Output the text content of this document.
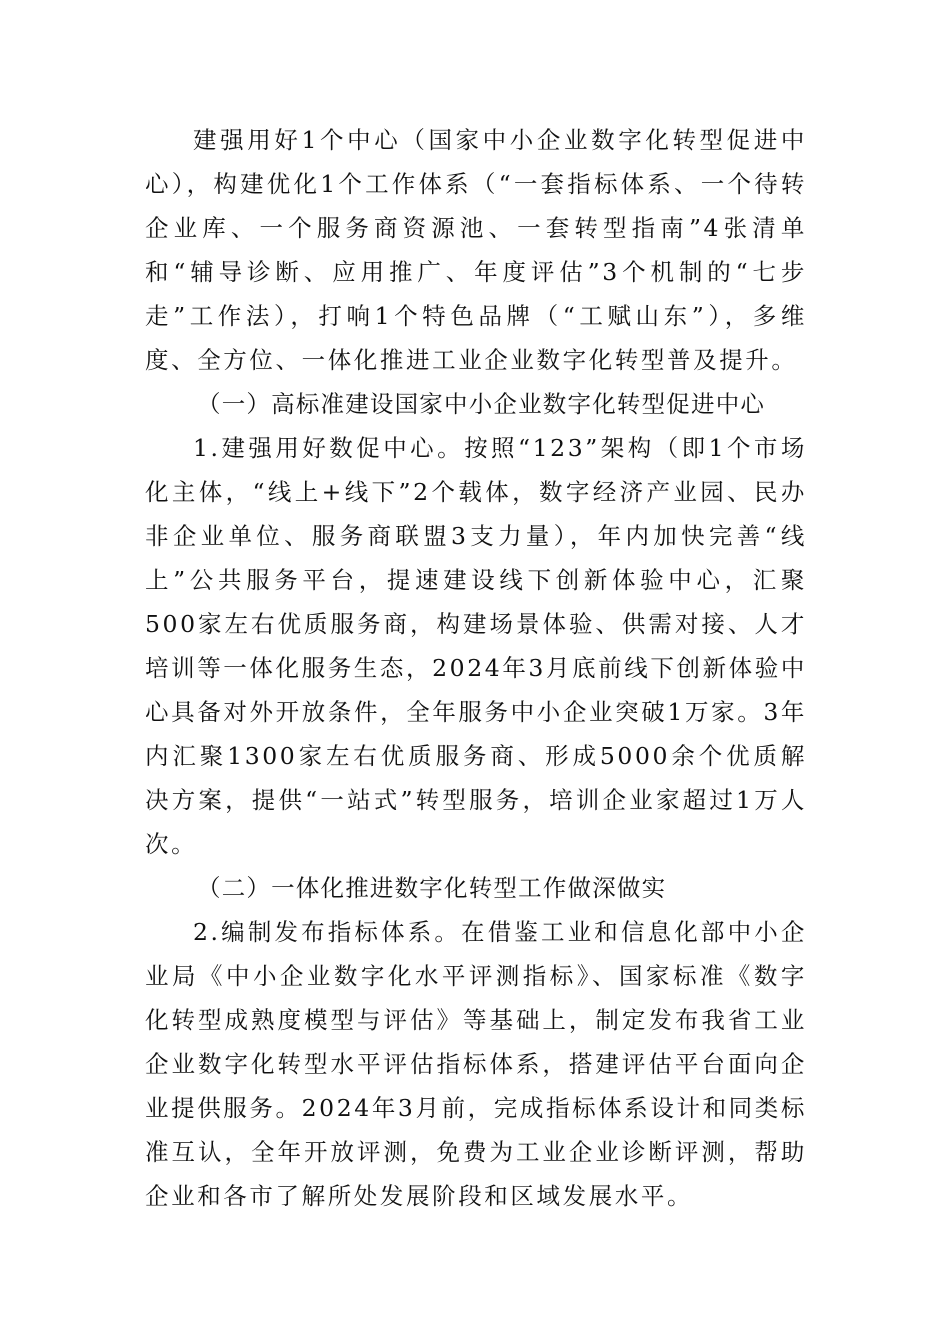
建强用好1个中心（国家中小企业数字化转型促进中心），构建优化1个工作体系（“一套指标体系、一个待转企业库、一个服务商资源池、一套转型指南”4张清单和“辅导诊断、应用推广、年度评估”3个机制的“七步走”工作法），打响1个特色品牌（“工赋山东”），多维度、全方位、一体化推进工业企业数字化转型普及提升。

（一）高标准建设国家中小企业数字化转型促进中心

1.建强用好数促中心。按照“123”架构（即1个市场化主体，“线上+线下”2个载体，数字经济产业园、民办非企业单位、服务商联盟3支力量），年内加快完善“线上”公共服务平台，提速建设线下创新体验中心，汇聚500家左右优质服务商，构建场景体验、供需对接、人才培训等一体化服务生态，2024年3月底前线下创新体验中心具备对外开放条件，全年服务中小企业突破1万家。3年内汇聚1300家左右优质服务商、形成5000余个优质解决方案，提供“一站式”转型服务，培训企业家超过1万人次。

（二）一体化推进数字化转型工作做深做实

2.编制发布指标体系。在借鉴工业和信息化部中小企业局《中小企业数字化水平评测指标》、国家标准《数字化转型成熟度模型与评估》等基础上，制定发布我省工业企业数字化转型水平评估指标体系，搭建评估平台面向企业提供服务。2024年3月前，完成指标体系设计和同类标准互认，全年开放评测，免费为工业企业诊断评测，帮助企业和各市了解所处发展阶段和区域发展水平。
